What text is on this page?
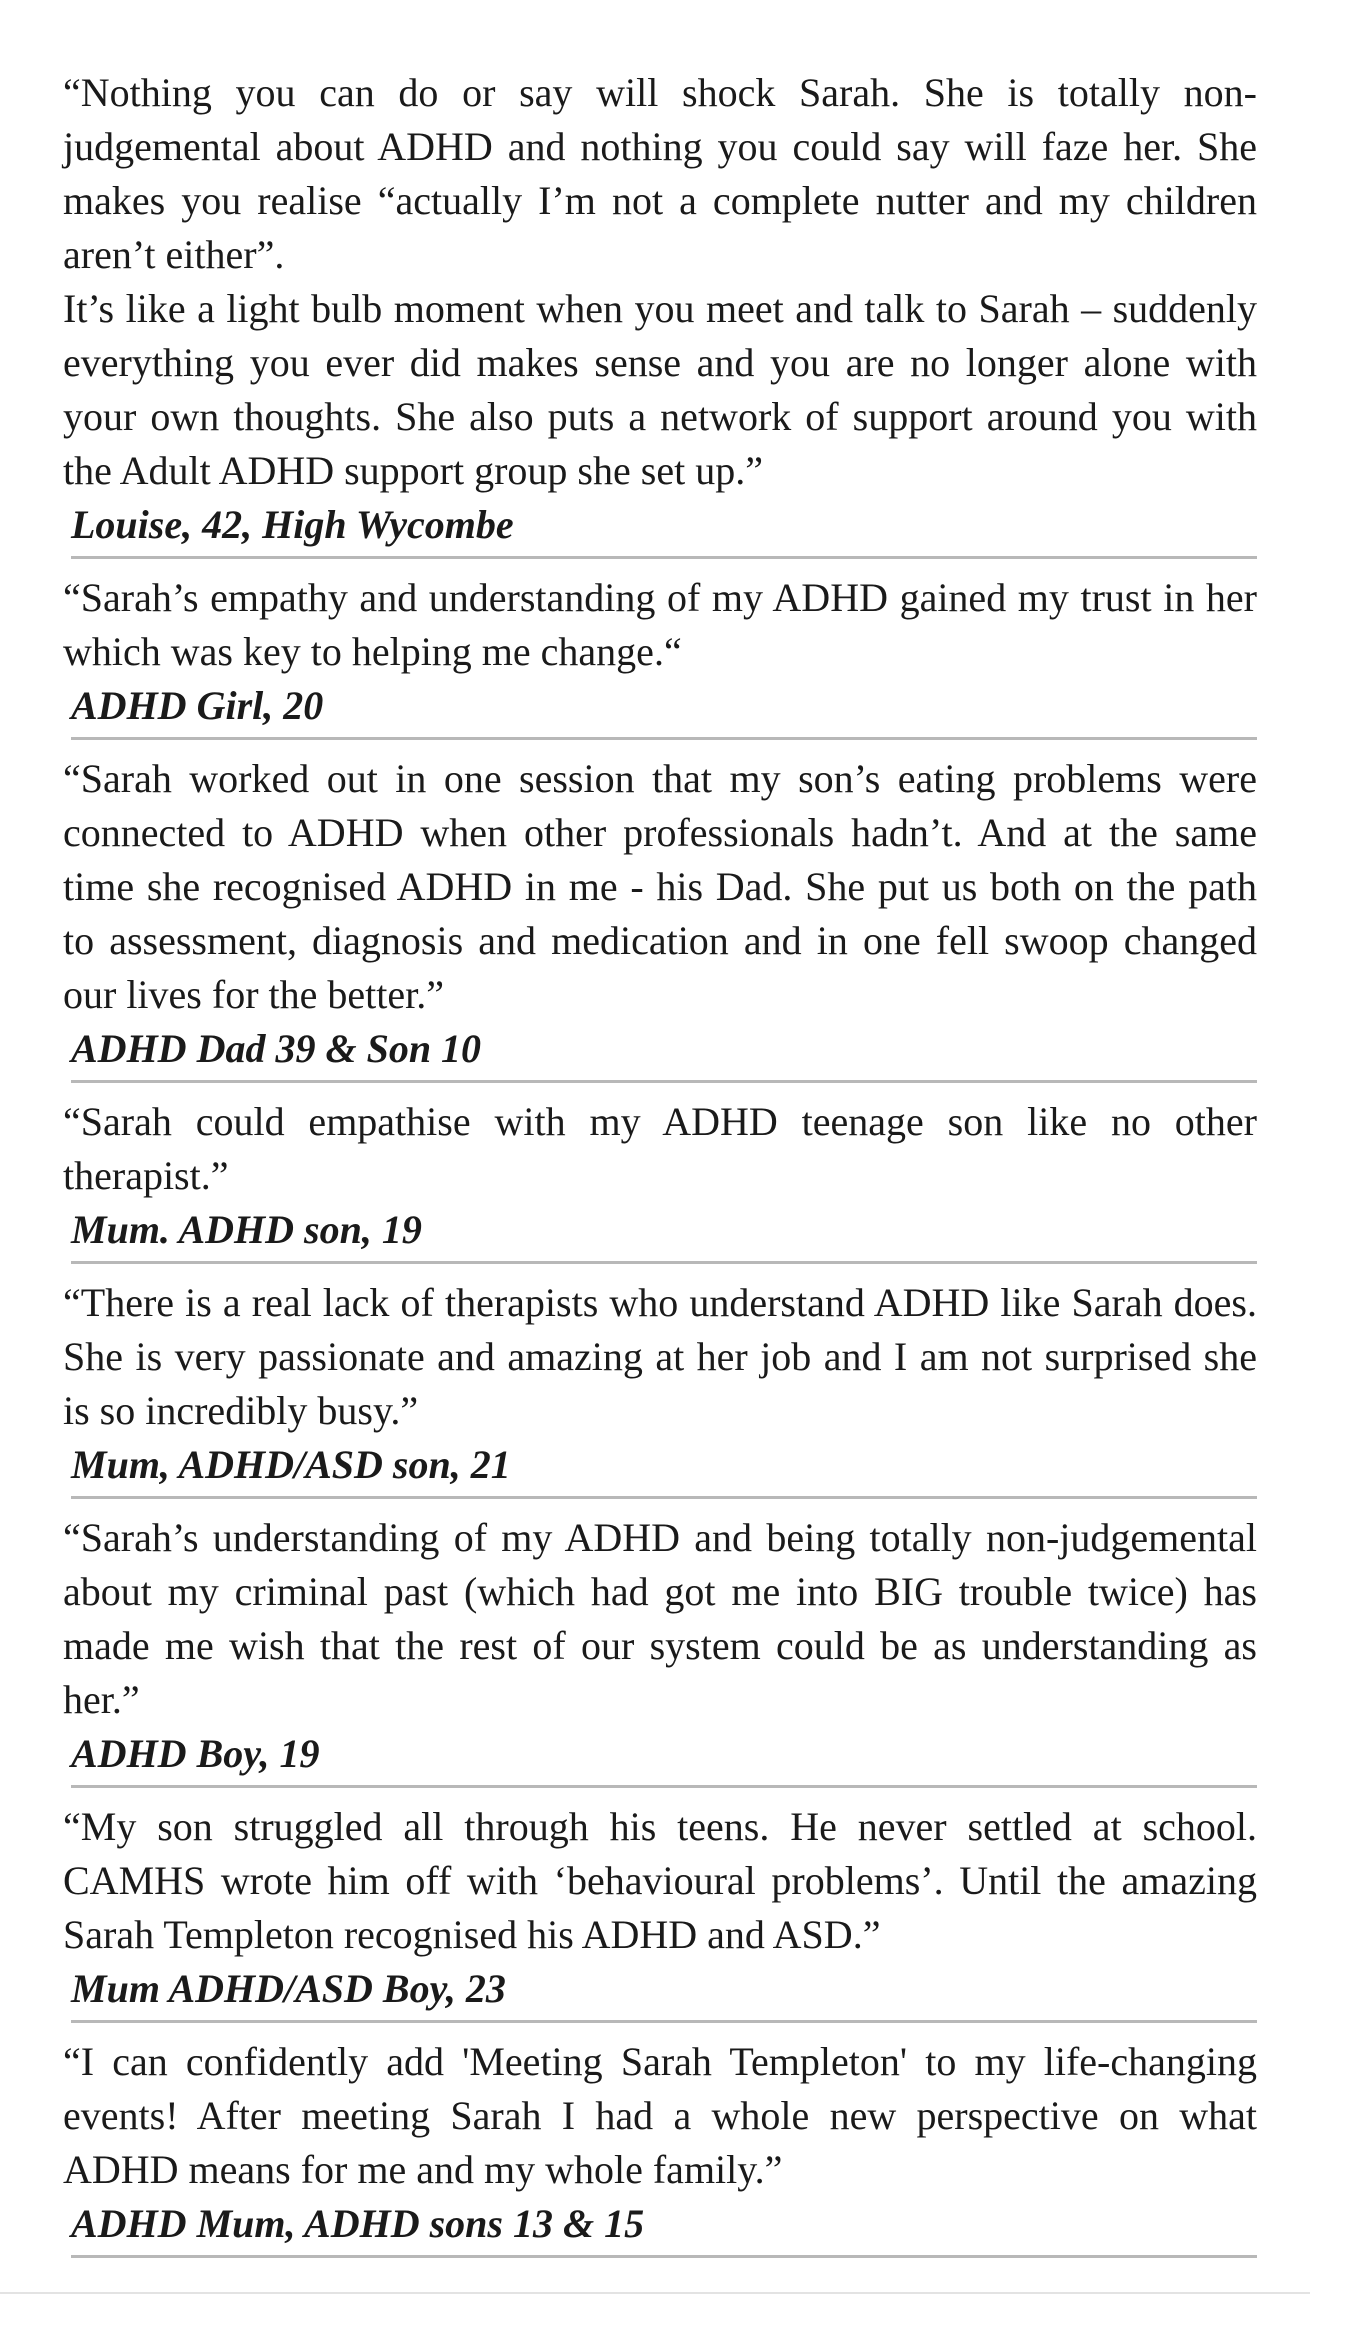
“Nothing you can do or say will shock Sarah. She is totally non-judgemental about ADHD and nothing you could say will faze her. She makes you realise “actually I’m not a complete nutter and my children aren’t either”.

It’s like a light bulb moment when you meet and talk to Sarah – suddenly everything you ever did makes sense and you are no longer alone with your own thoughts. She also puts a network of support around you with the Adult ADHD support group she set up.”

Louise, 42, High Wycombe

“Sarah’s empathy and understanding of my ADHD gained my trust in her which was key to helping me change.“

ADHD Girl, 20

“Sarah worked out in one session that my son’s eating problems were connected to ADHD when other professionals hadn’t. And at the same time she recognised ADHD in me - his Dad. She put us both on the path to assessment, diagnosis and medication and in one fell swoop changed our lives for the better.”

ADHD Dad 39 & Son 10

“Sarah could empathise with my ADHD teenage son like no other therapist.”

Mum. ADHD son, 19

“There is a real lack of therapists who understand ADHD like Sarah does. She is very passionate and amazing at her job and I am not surprised she is so incredibly busy.”

Mum, ADHD/ASD son, 21

“Sarah’s understanding of my ADHD and being totally non-judgemental about my criminal past (which had got me into BIG trouble twice) has made me wish that the rest of our system could be as understanding as her.”

ADHD Boy, 19

“My son struggled all through his teens. He never settled at school. CAMHS wrote him off with ‘behavioural problems’. Until the amazing Sarah Templeton recognised his ADHD and ASD.”

Mum ADHD/ASD Boy, 23

“I can confidently add 'Meeting Sarah Templeton' to my life-changing events! After meeting Sarah I had a whole new perspective on what ADHD means for me and my whole family.”

ADHD Mum, ADHD sons 13 & 15
